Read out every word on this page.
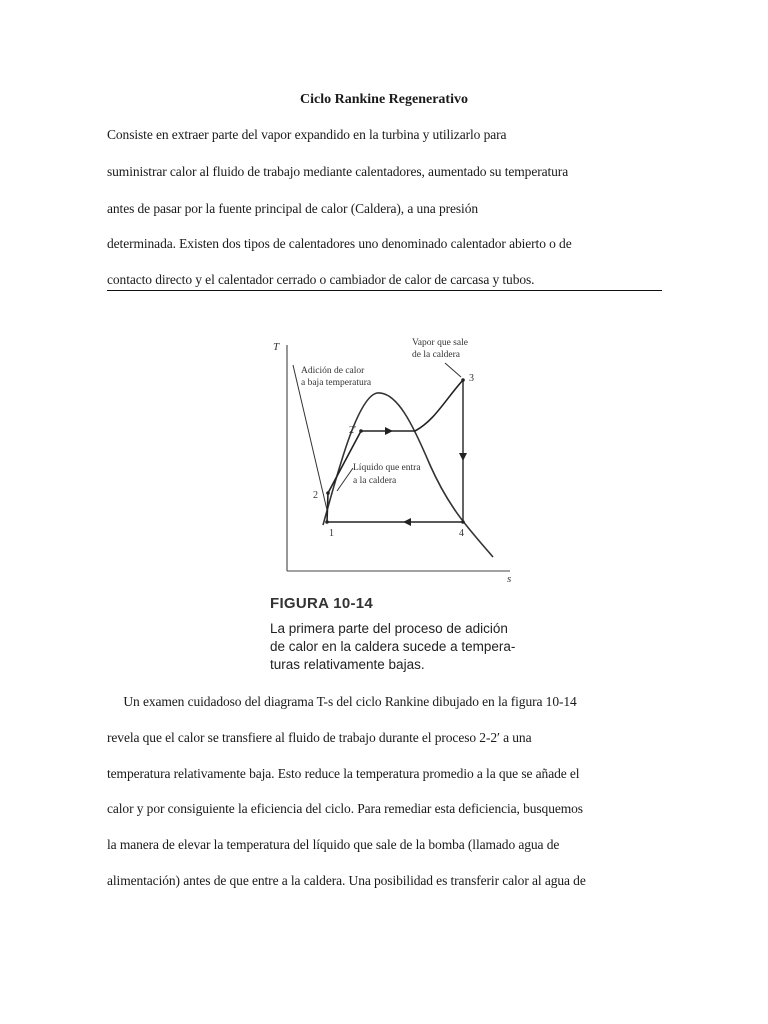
Ciclo Rankine Regenerativo
Consiste en extraer parte del vapor expandido en la turbina y utilizarlo para
suministrar calor al fluido de trabajo mediante calentadores, aumentado su temperatura
antes de pasar por la fuente principal de calor (Caldera), a una presión
determinada. Existen dos tipos de calentadores uno denominado calentador abierto o de
contacto directo y el calentador cerrado o cambiador de calor de carcasa y tubos.
T
s
1
2
2′
3
4
Adición de calor
a baja temperatura
Vapor que sale
de la caldera
Líquido que entra
a la caldera
FIGURA 10-14
La primera parte del proceso de adición
de calor en la caldera sucede a tempera-
turas relativamente bajas.
Un examen cuidadoso del diagrama T-s del ciclo Rankine dibujado en la figura 10-14
revela que el calor se transfiere al fluido de trabajo durante el proceso 2-2′ a una
temperatura relativamente baja. Esto reduce la temperatura promedio a la que se añade el
calor y por consiguiente la eficiencia del ciclo. Para remediar esta deficiencia, busquemos
la manera de elevar la temperatura del líquido que sale de la bomba (llamado agua de
alimentación) antes de que entre a la caldera. Una posibilidad es transferir calor al agua de
